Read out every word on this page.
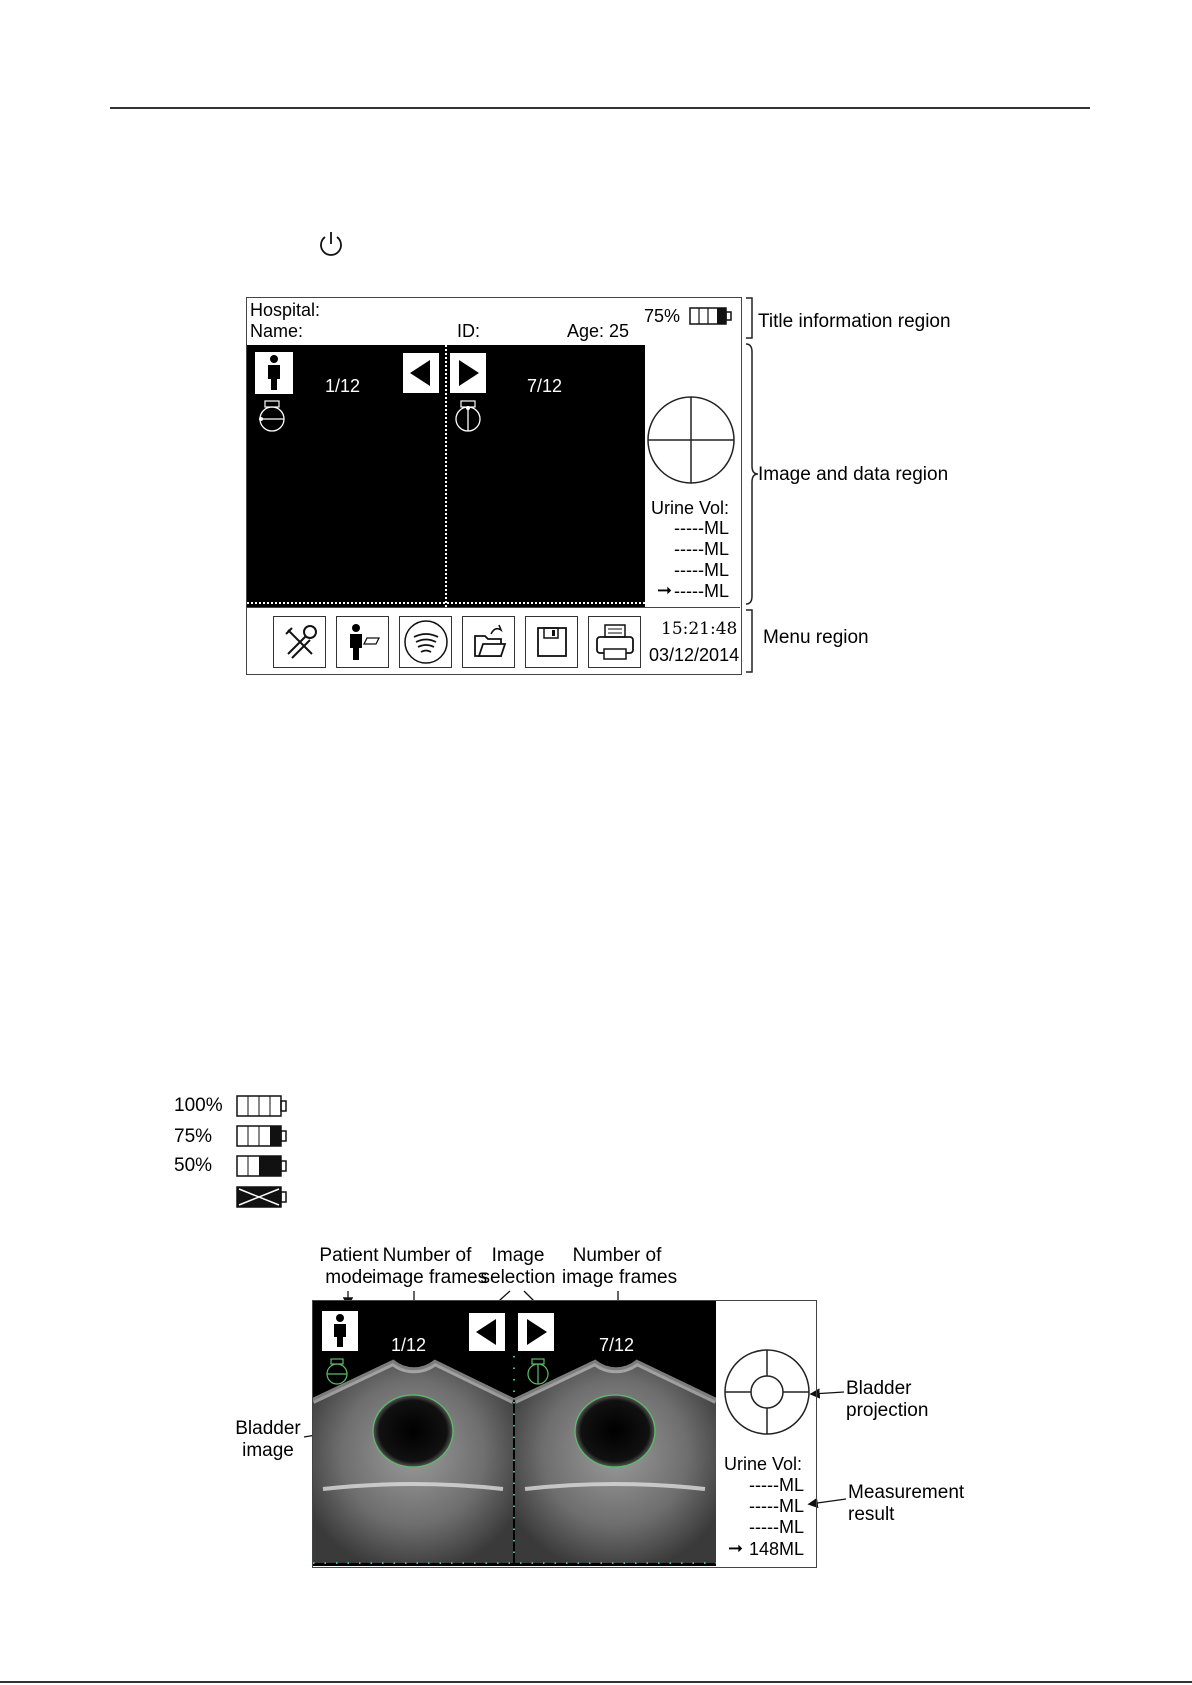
Hospital:
Name:	ID:	Age: 25
75%
1/12	7/12
Urine Vol:
-----ML
-----ML
-----ML
➞ -----ML
15:21:48
03/12/2014
Title information region
Image and data region
Menu region
100%
75%
50%
Patient
mode
Number of
image frames
Image
selection
Number of
image frames
Bladder
image
Bladder
projection
Measurement
result
1/12	7/12
Urine Vol:
-----ML
-----ML
-----ML
➞ 148ML
